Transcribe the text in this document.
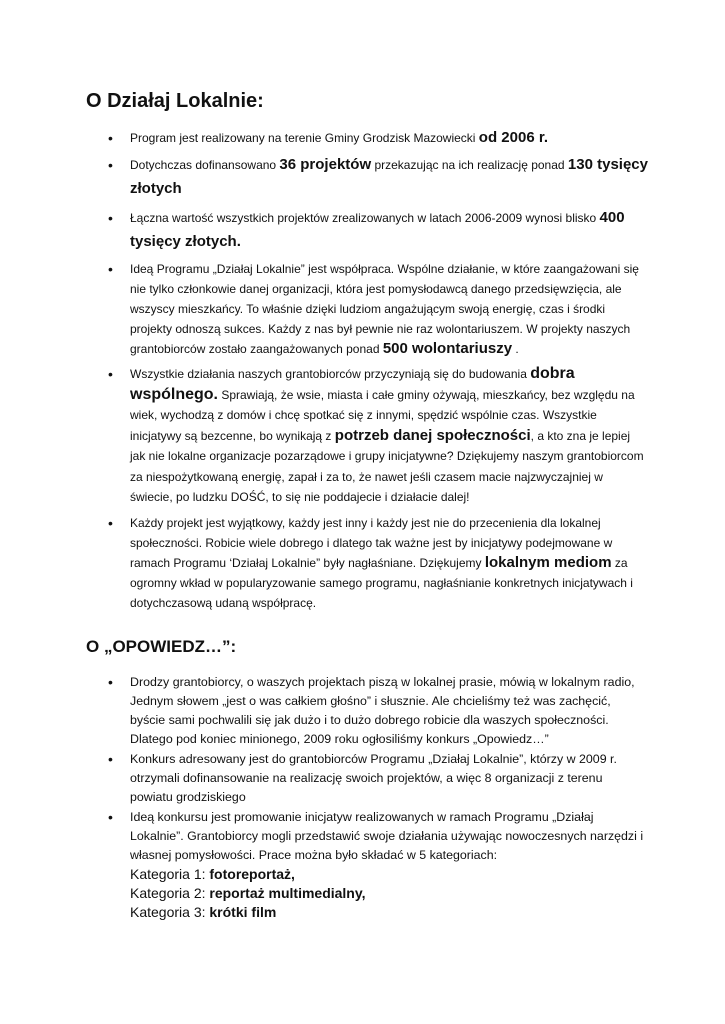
O Działaj Lokalnie:
• Program jest realizowany na terenie Gminy Grodzisk Mazowiecki od 2006 r.
• Dotychczas dofinansowano 36 projektów przekazując na ich realizację ponad 130 tysięcy złotych
• Łączna wartość wszystkich projektów zrealizowanych w latach 2006-2009 wynosi blisko 400 tysięcy złotych.
• Ideą Programu „Działaj Lokalnie” jest współpraca. Wspólne działanie, w które zaangażowani się nie tylko członkowie danej organizacji, która jest pomysłodawcą danego przedsięwzięcia, ale wszyscy mieszkańcy. To właśnie dzięki ludziom angażującym swoją energię, czas i środki projekty odnoszą sukces. Każdy z nas był pewnie nie raz wolontariuszem. W projekty naszych grantobiorców zostało zaangażowanych ponad 500 wolontariuszy .
• Wszystkie działania naszych grantobiorców przyczyniają się do budowania dobra wspólnego. Sprawiają, że wsie, miasta i całe gminy ożywają, mieszkańcy, bez względu na wiek, wychodzą z domów i chcę spotkać się z innymi, spędzić wspólnie czas. Wszystkie inicjatywy są bezcenne, bo wynikają z potrzeb danej społeczności, a kto zna je lepiej jak nie lokalne organizacje pozarządowe i grupy inicjatywne? Dziękujemy naszym grantobiorcom za niespożytkowaną energię, zapał i za to, że nawet jeśli czasem macie najzwyczajniej w świecie, po ludzku DOŚĆ, to się nie poddajecie i działacie dalej!
• Każdy projekt jest wyjątkowy, każdy jest inny i każdy jest nie do przecenienia dla lokalnej społeczności. Robicie wiele dobrego i dlatego tak ważne jest by inicjatywy podejmowane w ramach Programu ‘Działaj Lokalnie” były nagłaśniane. Dziękujemy lokalnym mediom za ogromny wkład w popularyzowanie samego programu, nagłaśnianie konkretnych inicjatywach i dotychczasową udaną współpracę.
O „OPOWIEDZ…”:
• Drodzy grantobiorcy, o waszych projektach piszą w lokalnej prasie, mówią w lokalnym radio, Jednym słowem „jest o was całkiem głośno” i słusznie. Ale chcieliśmy też was zachęcić, byście sami pochwalili się jak dużo i to dużo dobrego robicie dla waszych społeczności. Dlatego pod koniec minionego, 2009 roku ogłosiliśmy konkurs „Opowiedz…”
• Konkurs adresowany jest do grantobiorców Programu „Działaj Lokalnie”, którzy w 2009 r. otrzymali dofinansowanie na realizację swoich projektów, a więc 8 organizacji z terenu powiatu grodziskiego
• Ideą konkursu jest promowanie inicjatyw realizowanych w ramach Programu „Działaj Lokalnie”. Grantobiorcy mogli przedstawić swoje działania używając nowoczesnych narzędzi i własnej pomysłowości. Prace można było składać w 5 kategoriach:
Kategoria 1: fotoreportaż,
Kategoria 2: reportaż multimedialny,
Kategoria 3: krótki film
